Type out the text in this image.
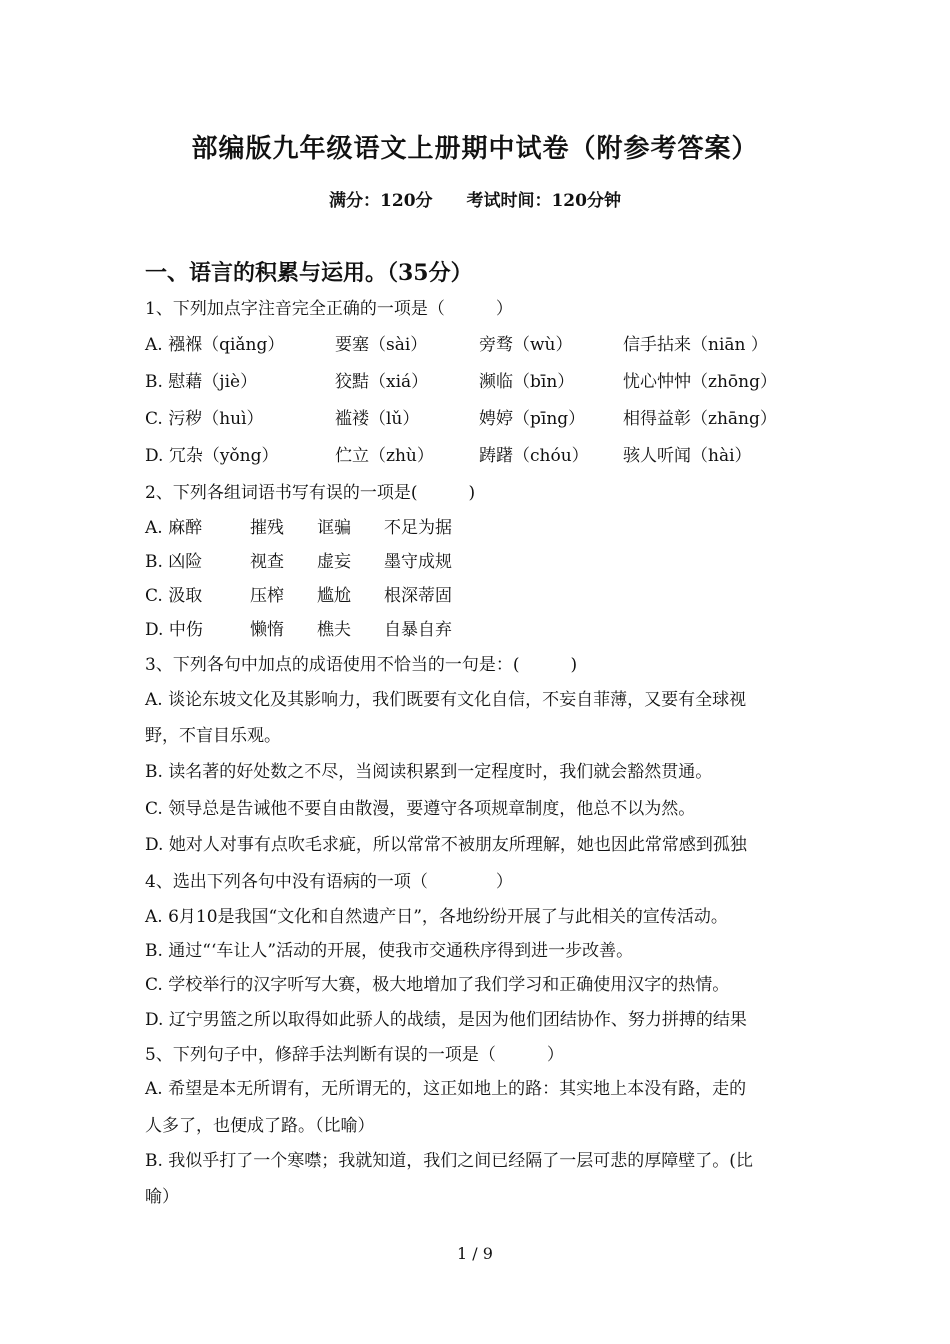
部编版九年级语文上册期中试卷（附参考答案）
满分：120分 考试时间：120分钟
一、语言的积累与运用。（35分）
1、下列加点字注音完全正确的一项是（　　　）
A. 襁褓（qiǎng）	要塞（sài）	旁骛（wù）	信手拈来（niān ）
B. 慰藉（jiè）	狡黠（xiá）	濒临（bīn）	忧心忡忡（zhōng）
C. 污秽（huì）	褴褛（lǔ）	娉婷（pīng） 相得益彰（zhāng）
D. 冗杂（yǒng）	伫立（zhù）	踌躇（chóu） 骇人听闻（hài）
2、下列各组词语书写有误的一项是(　　　)
A. 麻醉	摧残 诓骗 不足为据
B. 凶险	视查 虚妄 墨守成规
C. 汲取	压榨 尴尬 根深蒂固
D. 中伤	懒惰 樵夫 自暴自弃
3、下列各句中加点的成语使用不恰当的一句是：(　　　)
A. 谈论东坡文化及其影响力，我们既要有文化自信，不妄自菲薄，又要有全球视
野，不盲目乐观。
B. 读名著的好处数之不尽，当阅读积累到一定程度时，我们就会豁然贯通。
C. 领导总是告诫他不要自由散漫，要遵守各项规章制度，他总不以为然。
D. 她对人对事有点吹毛求疵，所以常常不被朋友所理解，她也因此常常感到孤独
4、选出下列各句中没有语病的一项（　　　　）
A. 6月10是我国“文化和自然遗产日”，各地纷纷开展了与此相关的宣传活动。
B. 通过“‘车让人”活动的开展，使我市交通秩序得到进一步改善。
C. 学校举行的汉字听写大赛，极大地增加了我们学习和正确使用汉字的热情。
D. 辽宁男篮之所以取得如此骄人的战绩，是因为他们团结协作、努力拼搏的结果
5、下列句子中，修辞手法判断有误的一项是（　　　）
A. 希望是本无所谓有，无所谓无的，这正如地上的路：其实地上本没有路，走的
人多了，也便成了路。（比喻）
B. 我似乎打了一个寒噤；我就知道，我们之间已经隔了一层可悲的厚障壁了。(比
喻）
1 / 9
